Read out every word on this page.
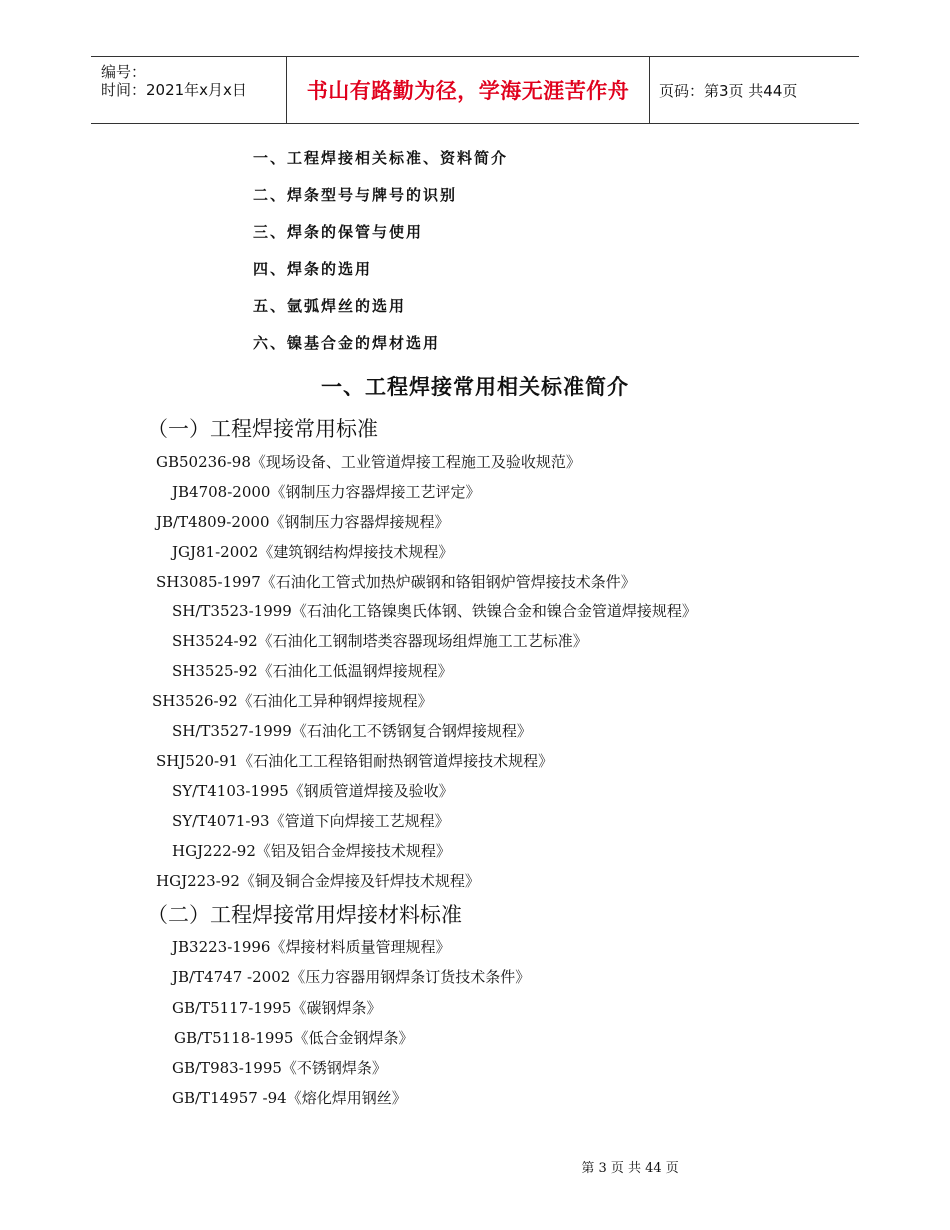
编号：
时间：2021年x月x日	书山有路勤为径，学海无涯苦作舟	页码：第3页 共44页
一、工程焊接相关标准、资料简介
二、焊条型号与牌号的识别
三、焊条的保管与使用
四、焊条的选用
五、氩弧焊丝的选用
六、镍基合金的焊材选用
一、工程焊接常用相关标准简介
（一）工程焊接常用标准
GB50236-98《现场设备、工业管道焊接工程施工及验收规范》
JB4708-2000《钢制压力容器焊接工艺评定》
JB/T4809-2000《钢制压力容器焊接规程》
JGJ81-2002《建筑钢结构焊接技术规程》
SH3085-1997《石油化工管式加热炉碳钢和铬钼钢炉管焊接技术条件》
SH/T3523-1999《石油化工铬镍奥氏体钢、铁镍合金和镍合金管道焊接规程》
SH3524-92《石油化工钢制塔类容器现场组焊施工工艺标准》
SH3525-92《石油化工低温钢焊接规程》
SH3526-92《石油化工异种钢焊接规程》
SH/T3527-1999《石油化工不锈钢复合钢焊接规程》
SHJ520-91《石油化工工程铬钼耐热钢管道焊接技术规程》
SY/T4103-1995《钢质管道焊接及验收》
SY/T4071-93《管道下向焊接工艺规程》
HGJ222-92《铝及铝合金焊接技术规程》
HGJ223-92《铜及铜合金焊接及钎焊技术规程》
（二）工程焊接常用焊接材料标准
JB3223-1996《焊接材料质量管理规程》
JB/T4747 -2002《压力容器用钢焊条订货技术条件》
GB/T5117-1995《碳钢焊条》
GB/T5118-1995《低合金钢焊条》
GB/T983-1995《不锈钢焊条》
GB/T14957 -94《熔化焊用钢丝》
第 3 页 共 44 页
